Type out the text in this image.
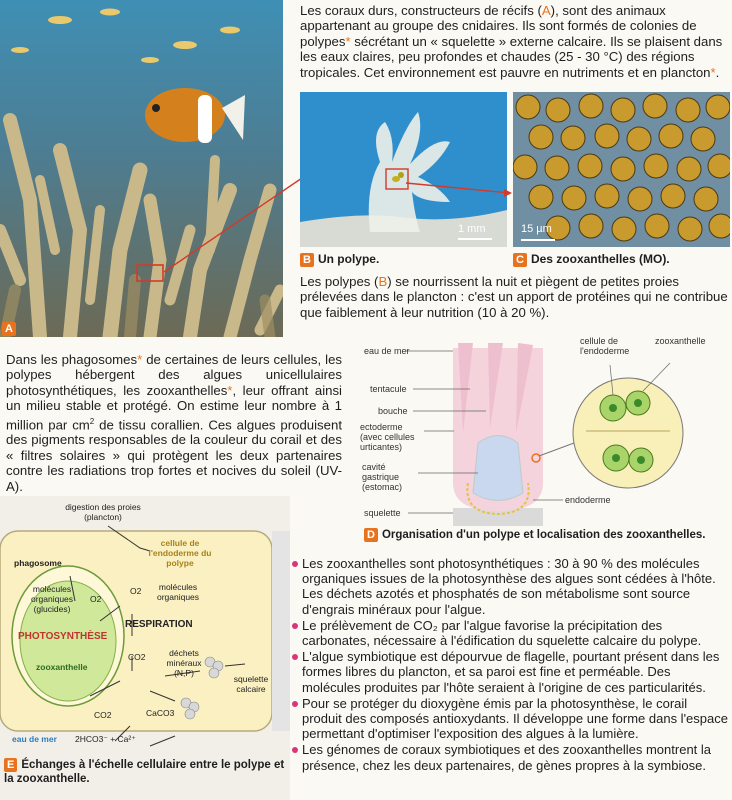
A

Les coraux durs, constructeurs de récifs (A), sont des animaux appartenant au groupe des cnidaires. Ils sont formés de colonies de polypes* sécrétant un « squelette » externe calcaire. Ils se plaisent dans les eaux claires, peu profondes et chaudes (25 - 30 °C) des régions tropicales. Cet environnement est pauvre en nutriments et en plancton*.

1 mm	15 µm
B Un polype.	C Des zooxanthelles (MO).

Les polypes (B) se nourrissent la nuit et piègent de petites proies prélevées dans le plancton : c'est un apport de protéines qui ne contribue que faiblement à leur nutrition (10 à 20 %).

Dans les phagosomes* de certaines de leurs cellules, les polypes hébergent des algues unicellulaires photosynthétiques, les zooxanthelles*, leur offrant ainsi un milieu stable et protégé. On estime leur nombre à 1 million par $cm^2$ de tissu corallien. Ces algues produisent des pigments responsables de la couleur du corail et des « filtres solaires » qui protègent les deux partenaires contre les radiations trop fortes et nocives du soleil (UV-A).

eau de mer
tentacule
bouche
ectoderme (avec cellules urticantes)
cavité gastrique (estomac)
squelette
endoderme
cellule de l'endoderme
zooxanthelle
D Organisation d'un polype et localisation des zooxanthelles.
digestion des proies (plancton)
cellule de l'endoderme du polype
phagosome
molécules organiques (glucides)
O2
PHOTOSYNTHÈSE
zooxanthelle
O2	molécules organiques
RESPIRATION
CO2	déchets minéraux (N,P)
squelette calcaire
CO2	CaCO3
eau de mer 2HCO3⁻ + Ca²⁺
E Échanges à l'échelle cellulaire entre le polype et la zooxanthelle.
Les zooxanthelles sont photosynthétiques : 30 à 90 % des molécules organiques issues de la photosynthèse des algues sont cédées à l'hôte. Les déchets azotés et phosphatés de son métabolisme sont source d'engrais minéraux pour l'algue.
Le prélèvement de CO₂ par l'algue favorise la précipitation des carbonates, nécessaire à l'édification du squelette calcaire du polype.
L'algue symbiotique est dépourvue de flagelle, pourtant présent dans les formes libres du plancton, et sa paroi est fine et perméable. Des molécules produites par l'hôte seraient à l'origine de ces particularités.
Pour se protéger du dioxygène émis par la photosynthèse, le corail produit des composés antioxydants. Il développe une forme dans l'espace permettant d'optimiser l'exposition des algues à la lumière.
Les génomes de coraux symbiotiques et des zooxanthelles montrent la présence, chez les deux partenaires, de gènes propres à la symbiose.
